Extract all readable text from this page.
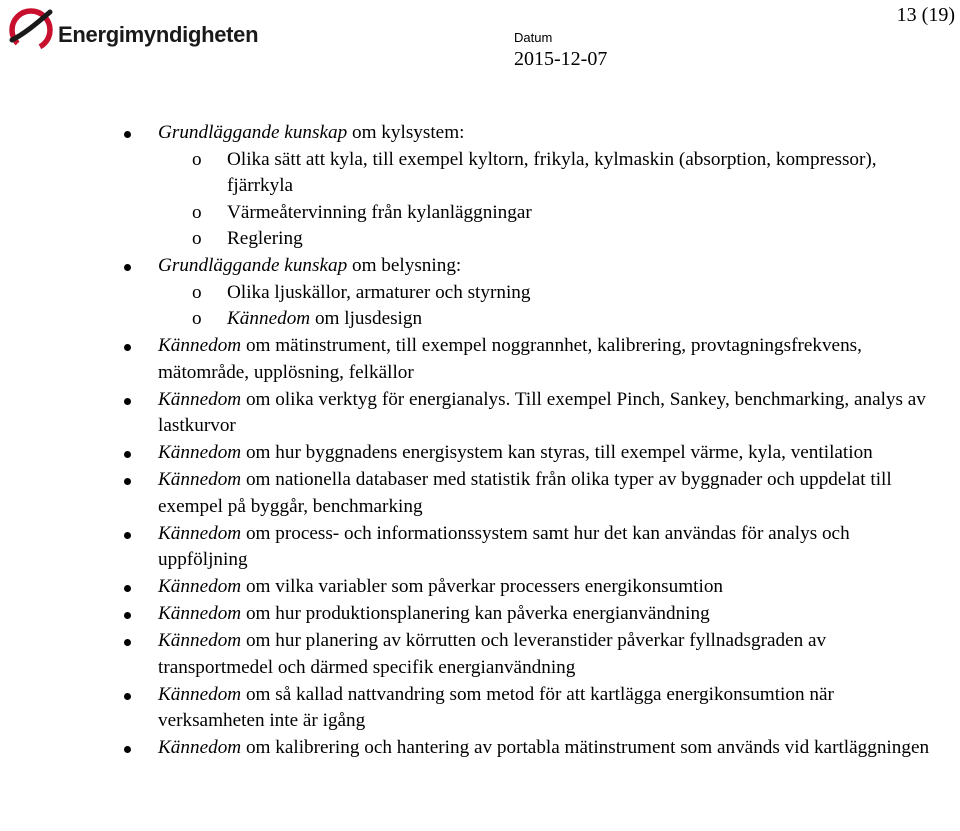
Energimyndigheten	Datum
2015-12-07
13 (19)
Grundläggande kunskap om kylsystem:
o Olika sätt att kyla, till exempel kyltorn, frikyla, kylmaskin (absorption, kompressor), fjärrkyla
o Värmeåtervinning från kylanläggningar
o Reglering
Grundläggande kunskap om belysning:
o Olika ljuskällor, armaturer och styrning
o Kännedom om ljusdesign
Kännedom om mätinstrument, till exempel noggrannhet, kalibrering, provtagningsfrekvens, mätområde, upplösning, felkällor
Kännedom om olika verktyg för energianalys. Till exempel Pinch, Sankey, benchmarking, analys av lastkurvor
Kännedom om hur byggnadens energisystem kan styras, till exempel värme, kyla, ventilation
Kännedom om nationella databaser med statistik från olika typer av byggnader och uppdelat till exempel på byggår, benchmarking
Kännedom om process- och informationssystem samt hur det kan användas för analys och uppföljning
Kännedom om vilka variabler som påverkar processers energikonsumtion
Kännedom om hur produktionsplanering kan påverka energianvändning
Kännedom om hur planering av körrutten och leveranstider påverkar fyllnadsgraden av transportmedel och därmed specifik energianvändning
Kännedom om så kallad nattvandring som metod för att kartlägga energikonsumtion när verksamheten inte är igång
Kännedom om kalibrering och hantering av portabla mätinstrument som används vid kartläggningen
